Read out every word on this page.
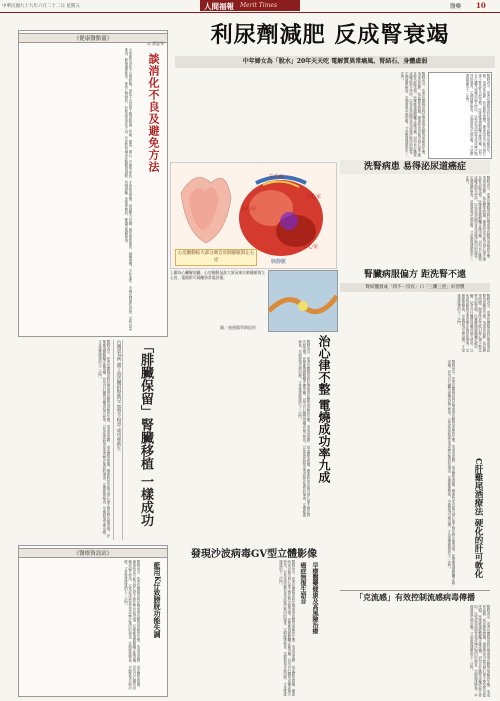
中華民國九十九年六月二十二日 星期五	人間福報 Merit Times	醫藥 10
《健康醫點靈》
◎ 潘姿琴
大家都有消化不良的經驗。消化不良是指上腹部脹滿、疼痛、噯氣、噁心、早飽等症狀，多與飲食習慣、情緒壓力有關。避免暴飲暴食，細嚼慢嚥，少吃油炸、辛辣及刺激性食物，定時定量進食，飯後適度散步，保持心情愉快，有助改善消化不良。若症狀持續或伴隨體重減輕、吞嚥困難、黑便等警訊，應儘早就醫檢查。	談消化不良及避免方法
醫師表示，患者長期服用利尿劑會導致體內電解質失衡，造成低血鉀、低血鈉等問題，嚴重時更可能引發心律不整及腎功能受損。民眾應遵循醫囑正確用藥，切勿自行購買成藥或偏方使用，以免延誤病情並造成無法挽回的傷害。定期健康檢查，早期發現早期治療，才是維護健康的不二法門。	台灣第2例 謝丁貴活體捐腎救兄 血型不相容 成功重新生 「腓臟保留」腎臟移植 一樣成功
《醫療資訊站》
醫師表示，患者長期服用利尿劑會導致體內電解質失衡，造成低血鉀、低血鈉等問題，嚴重時更可能引發心律不整及腎功能受損。民眾應遵循醫囑正確用藥，切勿自行購買成藥或偏方使用，以免延誤病情並造成無法挽回的傷害。定期健康檢查，早期發現早期治療，才是維護健康的不二法門。	藍用K仔致膀胱功能失調
利尿劑減肥 反成腎衰竭
中年婦女為「脫水」20年天天吃 電解質異常痛風、腎結石、身體虛弱
醫師表示，患者長期服用利尿劑會導致體內電解質失衡，造成低血鉀、低血鈉等問題，嚴重時更可能引發心律不整及腎功能受損。民眾應遵循醫囑正確用藥，切勿自行購買成藥或偏方使用，以免延誤病情並造成無法挽回的傷害。定期健康檢查，早期發現早期治療，才是維護健康的不二法門。	醫師表示，患者長期服用利尿劑會導致體內電解質失衡，造成低血鉀、低血鈉等問題，嚴重時更可能引發心律不整及腎功能受損。民眾應遵循醫囑正確用藥，切勿自行購買成藥或偏方使用，以免延誤病情並造成無法挽回的傷害。定期健康檢查，早期發現早期治療，才是維護健康的不二法門。
洗腎病患 易得泌尿道癌症
醫師表示，患者長期服用利尿劑會導致體內電解質失衡，造成低血鉀、低血鈉等問題，嚴重時更可能引發心律不整及腎功能受損。民眾應遵循醫囑正確用藥，切勿自行購買成藥或偏方使用，以免延誤病情並造成無法挽回的傷害。定期健康檢查，早期發現早期治療，才是維護健康的不二法門。
腎臟病服偏方 距洗腎不遠
腎結鹽發成「四不一沒有」口「三離三控」好習慣
醫師表示，患者長期服用利尿劑會導致體內電解質失衡，造成低血鉀、低血鈉等問題，嚴重時更可能引發心律不整及腎功能受損。民眾應遵循醫囑正確用藥，切勿自行購買成藥或偏方使用，以免延誤病情並造成無法挽回的傷害。定期健康檢查，早期發現早期治療，才是維護健康的不二法門。
左心房
左心室
右心房
右心室
心房顫動較大部分源自於肺靜脈與左心房	肺靜脈
上圖為心臟解剖圖，心房顫動是最大原因來自肺靜脈與左心房，電燒術可隔離異常電訊號。
圖／連邊醫學網提供
治心律不整 電燒成功率九成
醫師表示，患者長期服用利尿劑會導致體內電解質失衡，造成低血鉀、低血鈉等問題，嚴重時更可能引發心律不整及腎功能受損。民眾應遵循醫囑正確用藥，切勿自行購買成藥或偏方使用，以免延誤病情並造成無法挽回的傷害。定期健康檢查，早期發現早期治療，才是維護健康的不二法門。	醫師表示，患者長期服用利尿劑會導致體內電解質失衡，造成低血鉀、低血鈉等問題，嚴重時更可能引發心律不整及腎功能受損。民眾應遵循醫囑正確用藥，切勿自行購買成藥或偏方使用，以免延誤病情並造成無法挽回的傷害。定期健康檢查，早期發現早期治療，才是維護健康的不二法門。	C肝雞尾酒療法 硬化的肝可軟化
發現沙波病毒GV型立體影像
醫師表示，患者長期服用利尿劑會導致體內電解質失衡，造成低血鉀、低血鈉等問題，嚴重時更可能引發心律不整及腎功能受損。民眾應遵循醫囑正確用藥，切勿自行購買成藥或偏方使用，以免延誤病情並造成無法挽回的傷害。定期健康檢查，早期發現早期治療，才是維護健康的不二法門。	癌症無復生語音 早療醫藥健康及高風險治療	「克流感」有效控制流感病毒傳播
醫師表示，患者長期服用利尿劑會導致體內電解質失衡，造成低血鉀、低血鈉等問題，嚴重時更可能引發心律不整及腎功能受損。民眾應遵循醫囑正確用藥，切勿自行購買成藥或偏方使用，以免延誤病情並造成無法挽回的傷害。定期健康檢查，早期發現早期治療，才是維護健康的不二法門。
